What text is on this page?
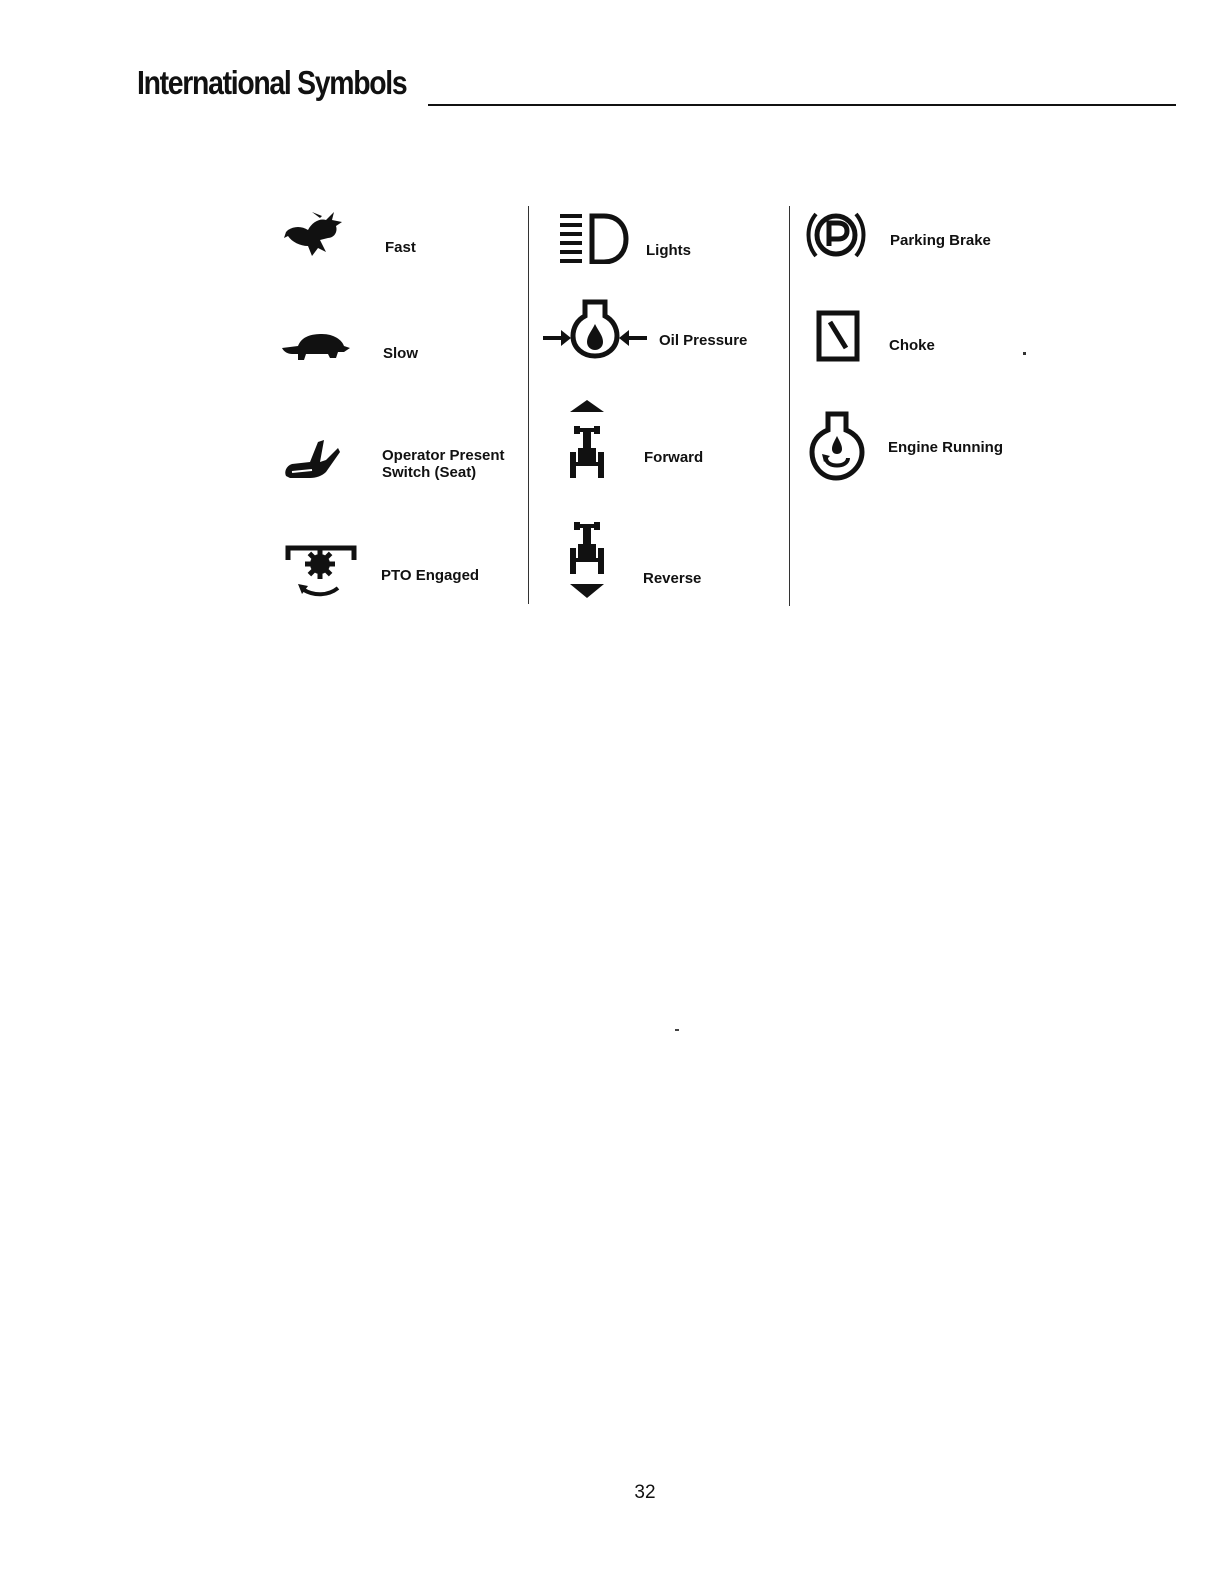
International Symbols
Fast
Slow
Operator Present
Switch (Seat)
PTO Engaged
Lights
Oil Pressure
Forward
Reverse
Parking Brake
Choke
Engine Running
32
